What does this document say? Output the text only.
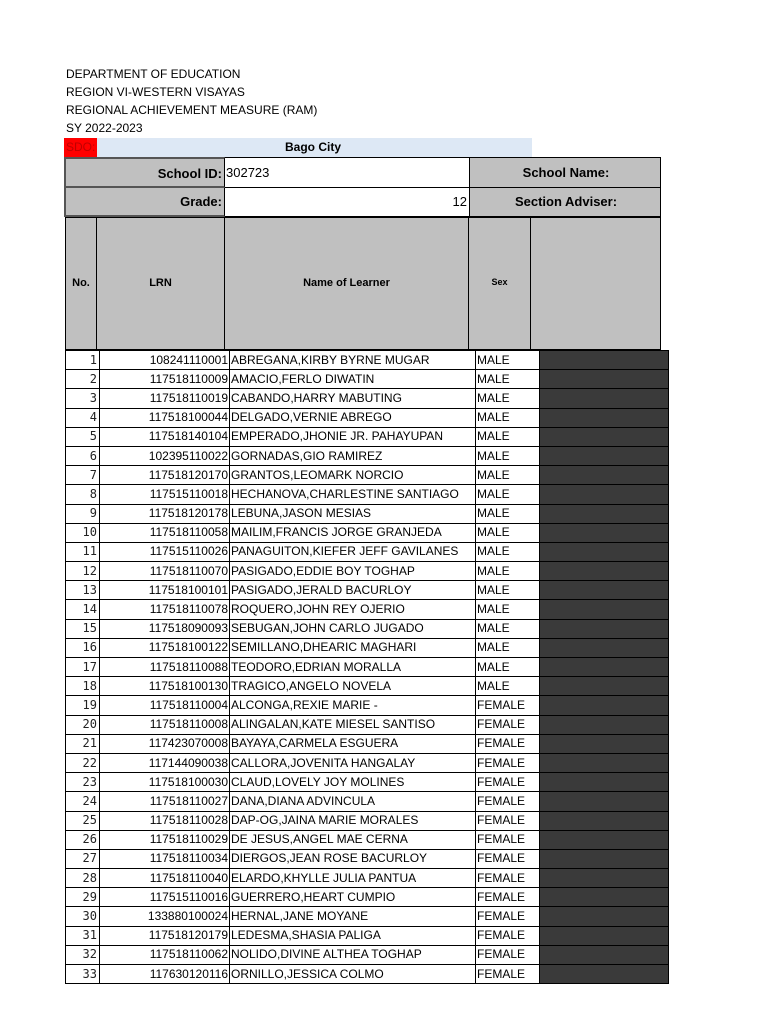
DEPARTMENT OF EDUCATION
REGION VI-WESTERN VISAYAS
REGIONAL ACHIEVEMENT MEASURE (RAM)
SY 2022-2023
Bago City
SDO:
School ID: 302723	School Name:
Grade:	12	Section Adviser:
No.	LRN	Name of Learner	Sex
1	108241110001	ABREGANA,KIRBY BYRNE MUGAR	MALE	
2	117518110009	AMACIO,FERLO DIWATIN	MALE	
3	117518110019	CABANDO,HARRY MABUTING	MALE	
4	117518100044	DELGADO,VERNIE ABREGO	MALE	
5	117518140104	EMPERADO,JHONIE JR. PAHAYUPAN	MALE	
6	102395110022	GORNADAS,GIO RAMIREZ	MALE	
7	117518120170	GRANTOS,LEOMARK NORCIO	MALE	
8	117515110018	HECHANOVA,CHARLESTINE SANTIAGO	MALE	
9	117518120178	LEBUNA,JASON MESIAS	MALE	
10	117518110058	MAILIM,FRANCIS JORGE GRANJEDA	MALE	
11	117515110026	PANAGUITON,KIEFER JEFF GAVILANES	MALE	
12	117518110070	PASIGADO,EDDIE BOY TOGHAP	MALE	
13	117518100101	PASIGADO,JERALD BACURLOY	MALE	
14	117518110078	ROQUERO,JOHN REY OJERIO	MALE	
15	117518090093	SEBUGAN,JOHN CARLO JUGADO	MALE	
16	117518100122	SEMILLANO,DHEARIC MAGHARI	MALE	
17	117518110088	TEODORO,EDRIAN MORALLA	MALE	
18	117518100130	TRAGICO,ANGELO NOVELA	MALE	
19	117518110004	ALCONGA,REXIE MARIE -	FEMALE	
20	117518110008	ALINGALAN,KATE MIESEL SANTISO	FEMALE	
21	117423070008	BAYAYA,CARMELA ESGUERA	FEMALE	
22	117144090038	CALLORA,JOVENITA HANGALAY	FEMALE	
23	117518100030	CLAUD,LOVELY JOY MOLINES	FEMALE	
24	117518110027	DANA,DIANA ADVINCULA	FEMALE	
25	117518110028	DAP-OG,JAINA MARIE MORALES	FEMALE	
26	117518110029	DE JESUS,ANGEL MAE CERNA	FEMALE	
27	117518110034	DIERGOS,JEAN ROSE BACURLOY	FEMALE	
28	117518110040	ELARDO,KHYLLE JULIA PANTUA	FEMALE	
29	117515110016	GUERRERO,HEART CUMPIO	FEMALE	
30	133880100024	HERNAL,JANE MOYANE	FEMALE	
31	117518120179	LEDESMA,SHASIA PALIGA	FEMALE	
32	117518110062	NOLIDO,DIVINE ALTHEA TOGHAP	FEMALE	
33	117630120116	ORNILLO,JESSICA COLMO	FEMALE	
